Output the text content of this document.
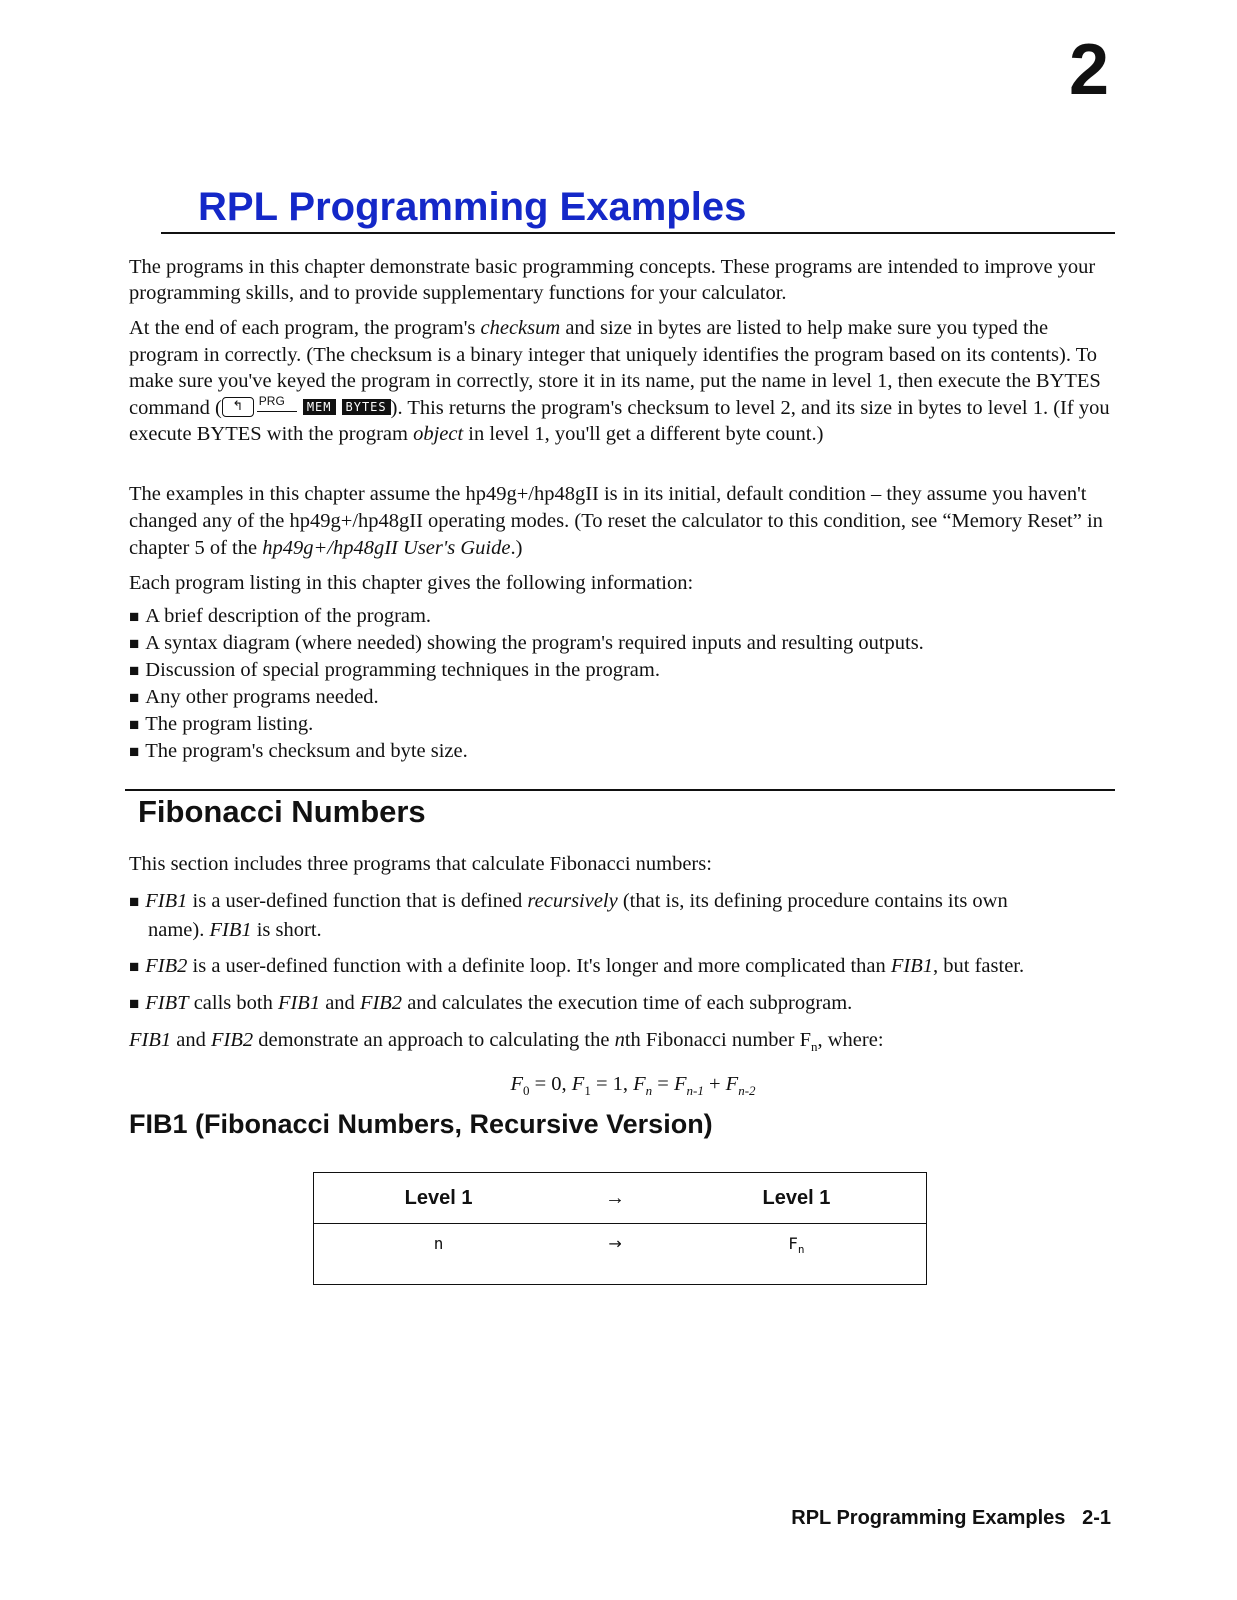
2
RPL Programming Examples

The programs in this chapter demonstrate basic programming concepts. These programs are intended to improve your programming skills, and to provide supplementary functions for your calculator.

At the end of each program, the program's checksum and size in bytes are listed to help make sure you typed the program in correctly. (The checksum is a binary integer that uniquely identifies the program based on its contents). To make sure you've keyed the program in correctly, store it in its name, put the name in level 1, then execute the BYTES command ( ↰ PRG MEM BYTES ). This returns the program's checksum to level 2, and its size in bytes to level 1. (If you execute BYTES with the program object in level 1, you'll get a different byte count.)

The examples in this chapter assume the hp49g+/hp48gII is in its initial, default condition – they assume you haven't changed any of the hp49g+/hp48gII operating modes. (To reset the calculator to this condition, see “Memory Reset” in chapter 5 of the hp49g+/hp48gII User's Guide.)

Each program listing in this chapter gives the following information:

■ A brief description of the program.
■ A syntax diagram (where needed) showing the program's required inputs and resulting outputs.
■ Discussion of special programming techniques in the program.
■ Any other programs needed.
■ The program listing.
■ The program's checksum and byte size.
Fibonacci Numbers

This section includes three programs that calculate Fibonacci numbers:

■ FIB1 is a user-defined function that is defined recursively (that is, its defining procedure contains its own
name). FIB1 is short.
■ FIB2 is a user-defined function with a definite loop. It's longer and more complicated than FIB1, but faster.
■ FIBT calls both FIB1 and FIB2 and calculates the execution time of each subprogram.
FIB1 and FIB2 demonstrate an approach to calculating the nth Fibonacci number $F_n$, where:
$F_0 = 0$, $F_1 = 1$, $F_n = F_{n-1} + F_{n-2}$
FIB1 (Fibonacci Numbers, Recursive Version)
Level 1	→	Level 1
n	→	$F_n$
RPL Programming Examples   2-1
